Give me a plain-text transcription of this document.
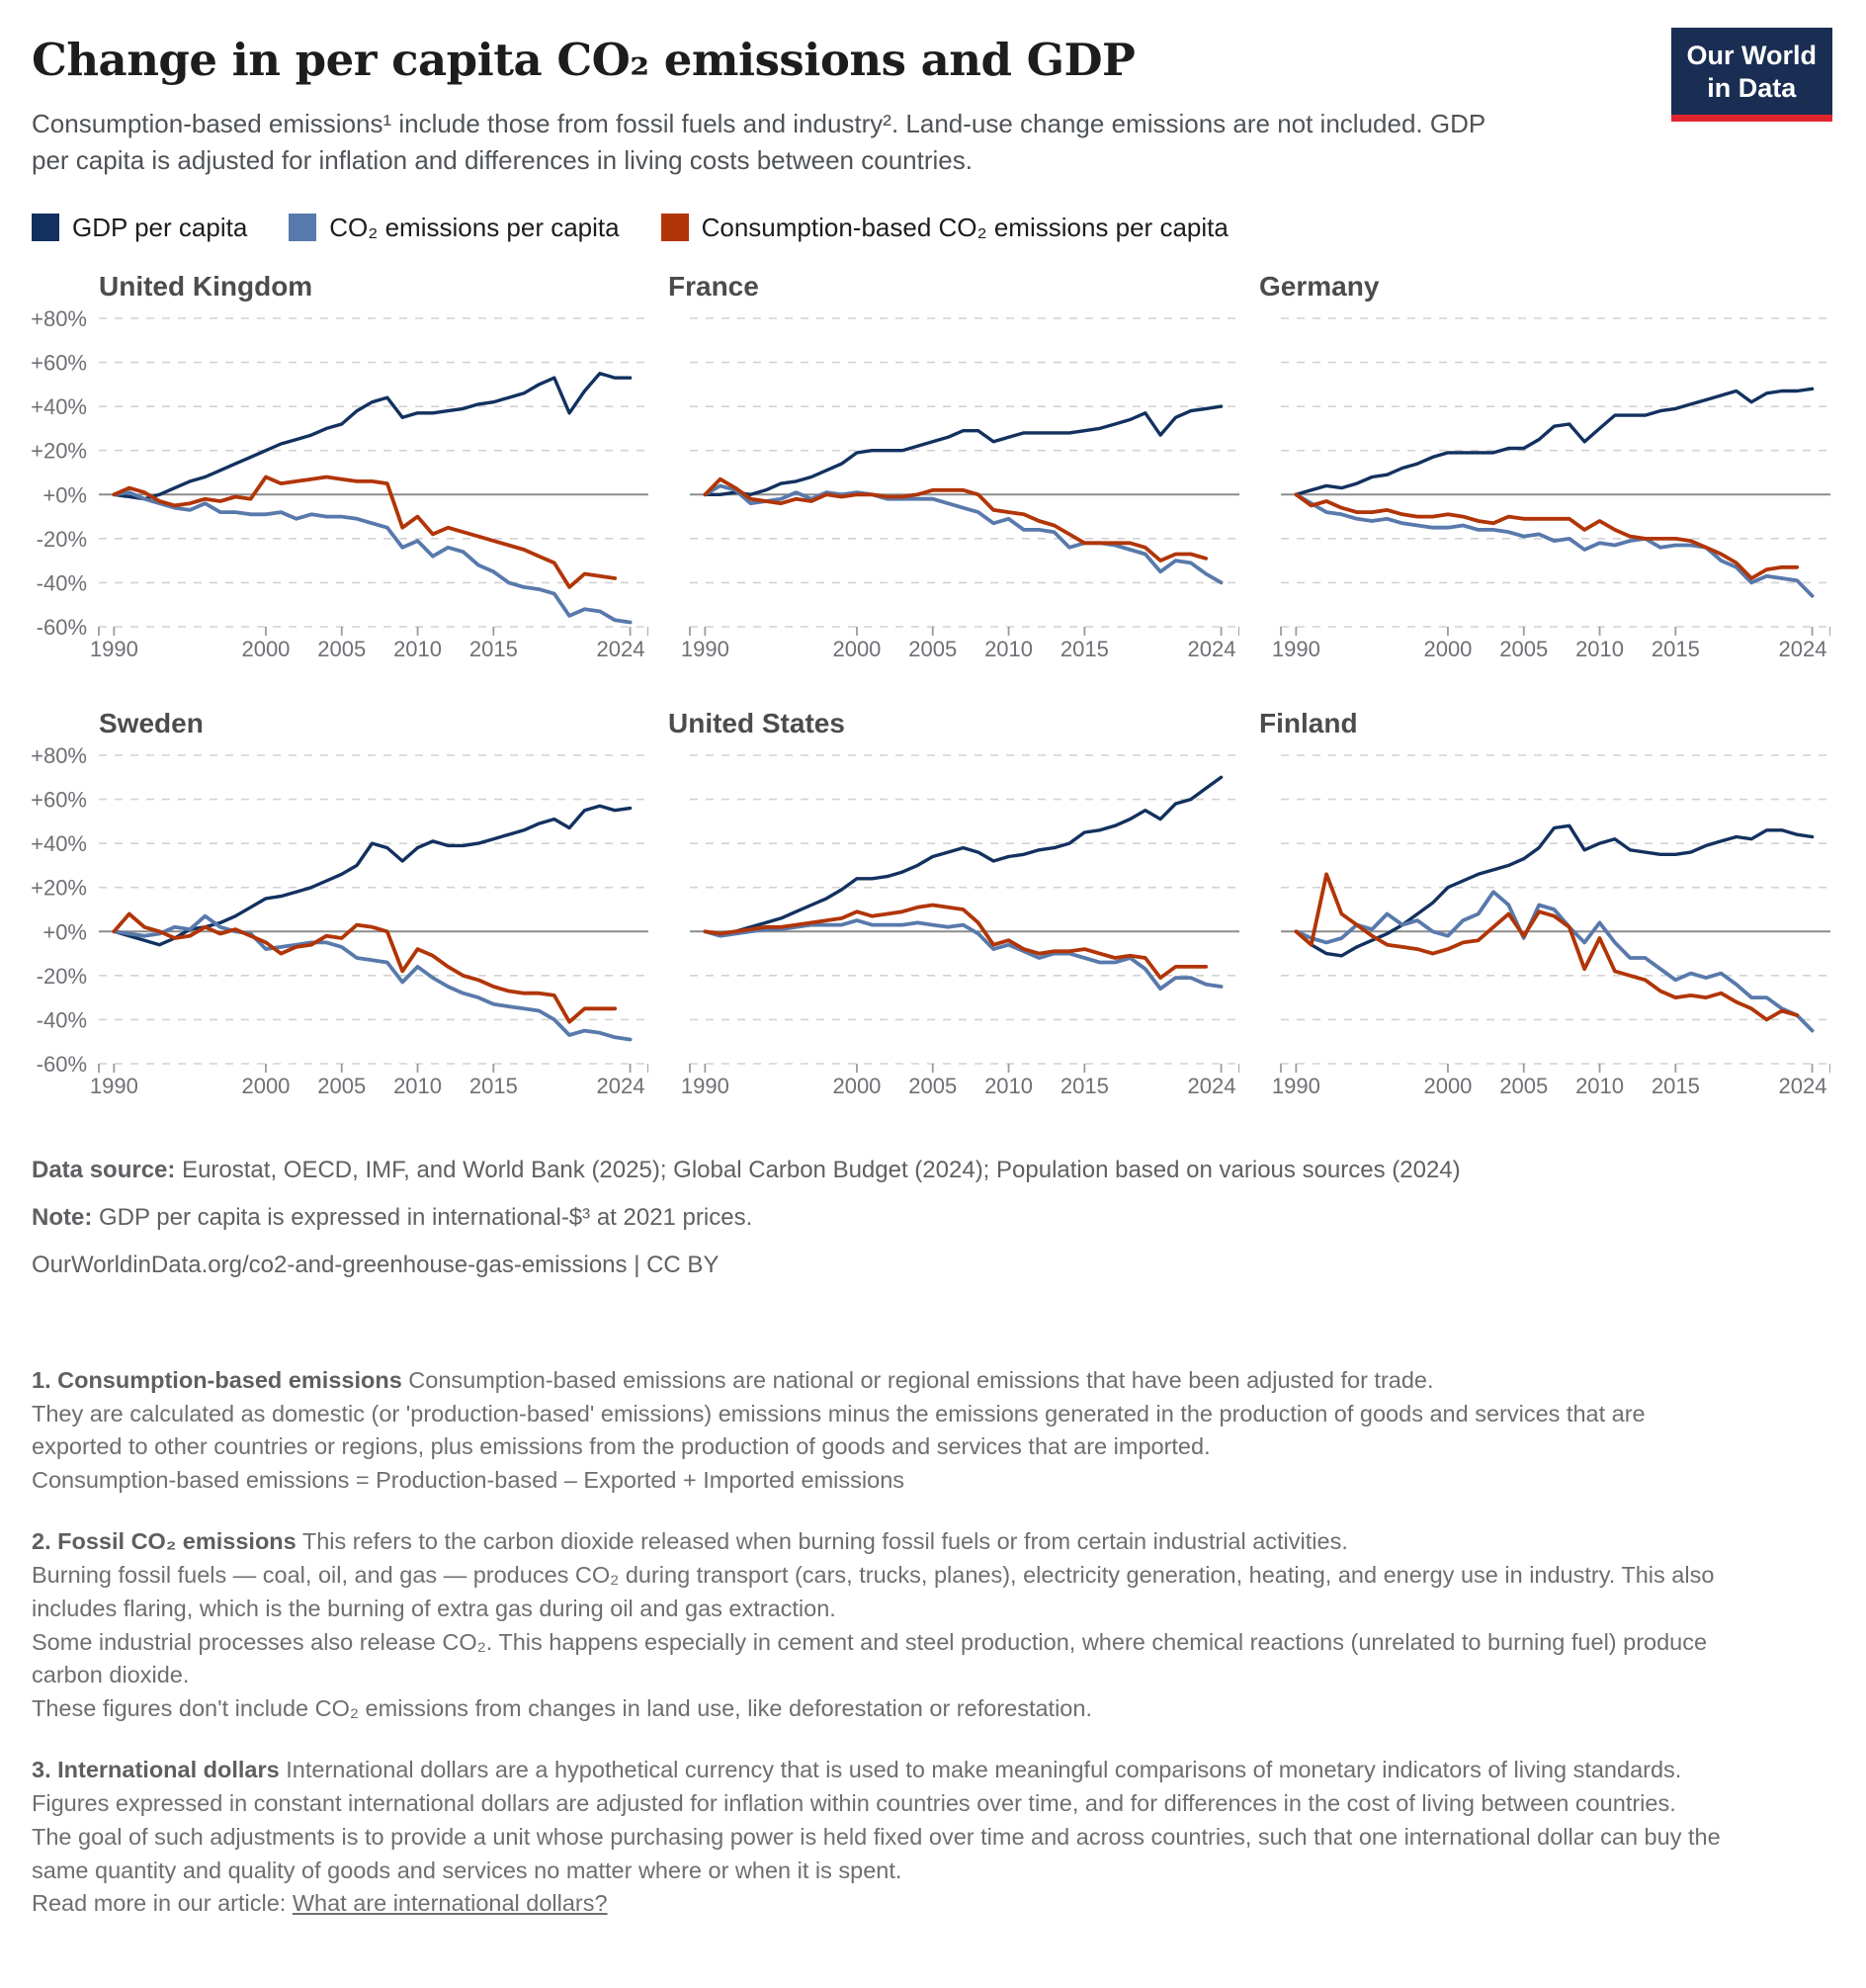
Our World
in Data
Change in per capita CO₂ emissions and GDP

Consumption-based emissions¹ include those from fossil fuels and industry². Land-use change emissions are not included. GDP per capita is adjusted for inflation and differences in living costs between countries.

GDP per capita	CO₂ emissions per capita	Consumption-based CO₂ emissions per capita
United Kingdom
1990	2000 2005 2010 2015	2024
+80%
+60%
+40%
+20%
+0%
-20%
-40%
-60%
France
1990	2000 2005 2010 2015	2024
Germany
1990	2000 2005 2010 2015	2024
Sweden
1990	2000 2005 2010 2015	2024
+80%
+60%
+40%
+20%
+0%
-20%
-40%
-60%
United States
1990	2000 2005 2010 2015	2024
Finland
1990	2000 2005 2010 2015	2024

Data source: Eurostat, OECD, IMF, and World Bank (2025); Global Carbon Budget (2024); Population based on various sources (2024)

Note: GDP per capita is expressed in international-$³ at 2021 prices.

OurWorldinData.org/co2-and-greenhouse-gas-emissions | CC BY

1. Consumption-based emissions Consumption-based emissions are national or regional emissions that have been adjusted for trade.
They are calculated as domestic (or 'production-based' emissions) emissions minus the emissions generated in the production of goods and services that are exported to other countries or regions, plus emissions from the production of goods and services that are imported.
Consumption-based emissions = Production-based – Exported + Imported emissions
2. Fossil CO₂ emissions This refers to the carbon dioxide released when burning fossil fuels or from certain industrial activities.
Burning fossil fuels — coal, oil, and gas — produces CO₂ during transport (cars, trucks, planes), electricity generation, heating, and energy use in industry. This also includes flaring, which is the burning of extra gas during oil and gas extraction.
Some industrial processes also release CO₂. This happens especially in cement and steel production, where chemical reactions (unrelated to burning fuel) produce carbon dioxide.
These figures don't include CO₂ emissions from changes in land use, like deforestation or reforestation.
3. International dollars International dollars are a hypothetical currency that is used to make meaningful comparisons of monetary indicators of living standards.
Figures expressed in constant international dollars are adjusted for inflation within countries over time, and for differences in the cost of living between countries.
The goal of such adjustments is to provide a unit whose purchasing power is held fixed over time and across countries, such that one international dollar can buy the same quantity and quality of goods and services no matter where or when it is spent.
Read more in our article: What are international dollars?
